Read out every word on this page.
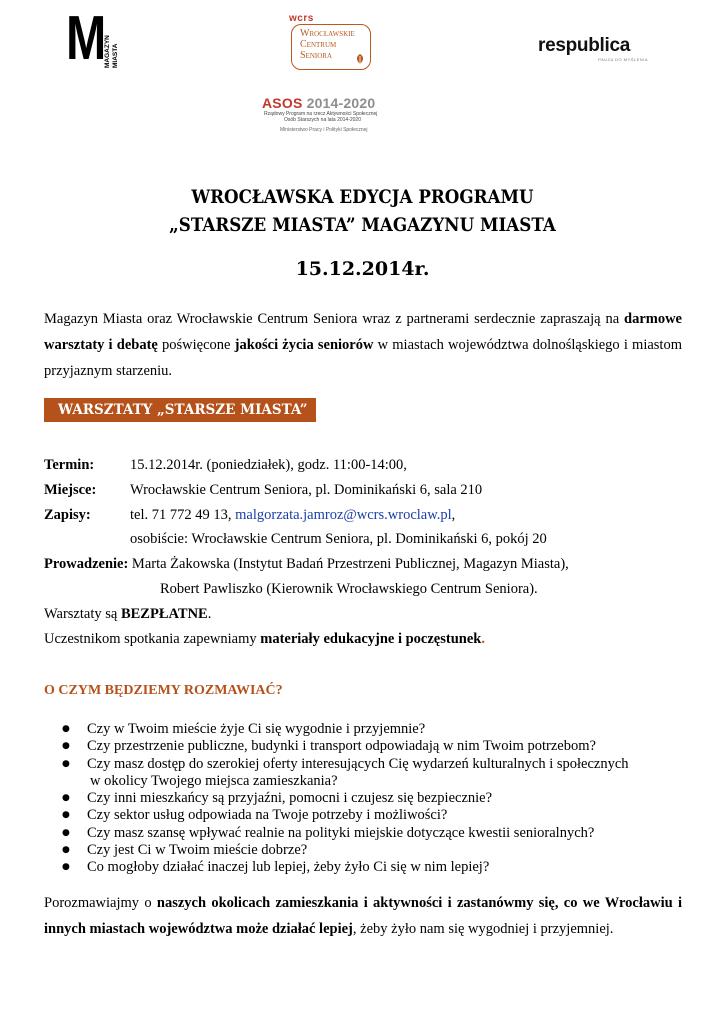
M MAGAZYN MIASTA
wcrs
Wrocławskie
Centrum
Seniora	respublica
PAUZA DO MYŚLENIA
ASOS 2014-2020
Rządowy Program na rzecz Aktywności Społecznej
Osób Starszych na lata 2014-2020
Ministerstwo Pracy i Polityki Społecznej
WROCŁAWSKA EDYCJA PROGRAMU
„STARSZE MIASTA” MAGAZYNU MIASTA
15.12.2014r.
Magazyn Miasta oraz Wrocławskie Centrum Seniora wraz z partnerami serdecznie zapraszają na darmowe warsztaty i debatę poświęcone jakości życia seniorów w miastach województwa dolnośląskiego i miastom przyjaznym starzeniu.
WARSZTATY „STARSZE MIASTA”
Termin: 15.12.2014r. (poniedziałek), godz. 11:00-14:00,
Miejsce: Wrocławskie Centrum Seniora, pl. Dominikański 6, sala 210
Zapisy:	tel. 71 772 49 13, malgorzata.jamroz@wcrs.wroclaw.pl,
osobiście: Wrocławskie Centrum Seniora, pl. Dominikański 6, pokój 20
Prowadzenie: Marta Żakowska (Instytut Badań Przestrzeni Publicznej, Magazyn Miasta),
Robert Pawliszko (Kierownik Wrocławskiego Centrum Seniora).
Warsztaty są BEZPŁATNE.
Uczestnikom spotkania zapewniamy materiały edukacyjne i poczęstunek.
O CZYM BĘDZIEMY ROZMAWIAĆ?
● Czy w Twoim mieście żyje Ci się wygodnie i przyjemnie?
● Czy przestrzenie publiczne, budynki i transport odpowiadają w nim Twoim potrzebom?
● Czy masz dostęp do szerokiej oferty interesujących Cię wydarzeń kulturalnych i społecznych
w okolicy Twojego miejsca zamieszkania?
● Czy inni mieszkańcy są przyjaźni, pomocni i czujesz się bezpiecznie?
● Czy sektor usług odpowiada na Twoje potrzeby i możliwości?
● Czy masz szansę wpływać realnie na polityki miejskie dotyczące kwestii senioralnych?
● Czy jest Ci w Twoim mieście dobrze?
● Co mogłoby działać inaczej lub lepiej, żeby żyło Ci się w nim lepiej?
Porozmawiajmy o naszych okolicach zamieszkania i aktywności i zastanówmy się, co we Wrocławiu i innych miastach województwa może działać lepiej, żeby żyło nam się wygodniej i przyjemniej.
